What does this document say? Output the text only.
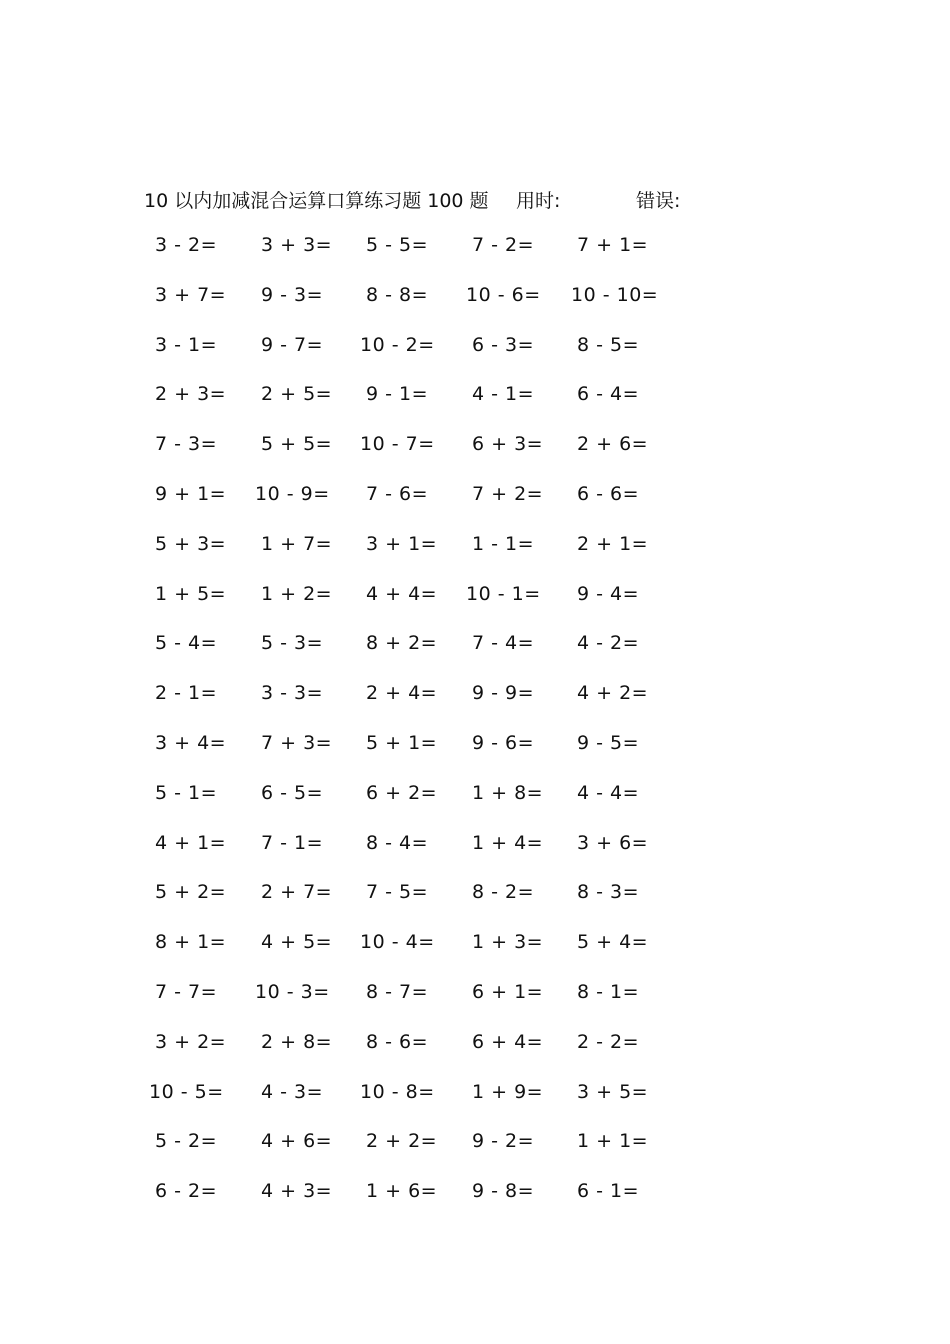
10 以内加减混合运算口算练习题 100 题 用时:	错误:
3 - 2= 3 + 3= 5 - 5= 7 - 2= 7 + 1=
3 + 7= 9 - 3= 8 - 8= 10 - 6= 10 - 10=
3 - 1= 9 - 7= 10 - 2= 6 - 3= 8 - 5=
2 + 3= 2 + 5= 9 - 1= 4 - 1= 6 - 4=
7 - 3= 5 + 5= 10 - 7= 6 + 3= 2 + 6=
9 + 1= 10 - 9= 7 - 6= 7 + 2= 6 - 6=
5 + 3= 1 + 7= 3 + 1= 1 - 1= 2 + 1=
1 + 5= 1 + 2= 4 + 4= 10 - 1= 9 - 4=
5 - 4= 5 - 3= 8 + 2= 7 - 4= 4 - 2=
2 - 1= 3 - 3= 2 + 4= 9 - 9= 4 + 2=
3 + 4= 7 + 3= 5 + 1= 9 - 6= 9 - 5=
5 - 1= 6 - 5= 6 + 2= 1 + 8= 4 - 4=
4 + 1= 7 - 1= 8 - 4= 1 + 4= 3 + 6=
5 + 2= 2 + 7= 7 - 5= 8 - 2= 8 - 3=
8 + 1= 4 + 5= 10 - 4= 1 + 3= 5 + 4=
7 - 7= 10 - 3= 8 - 7= 6 + 1= 8 - 1=
3 + 2= 2 + 8= 8 - 6= 6 + 4= 2 - 2=
10 - 5= 4 - 3= 10 - 8= 1 + 9= 3 + 5=
5 - 2= 4 + 6= 2 + 2= 9 - 2= 1 + 1=
6 - 2= 4 + 3= 1 + 6= 9 - 8= 6 - 1=
